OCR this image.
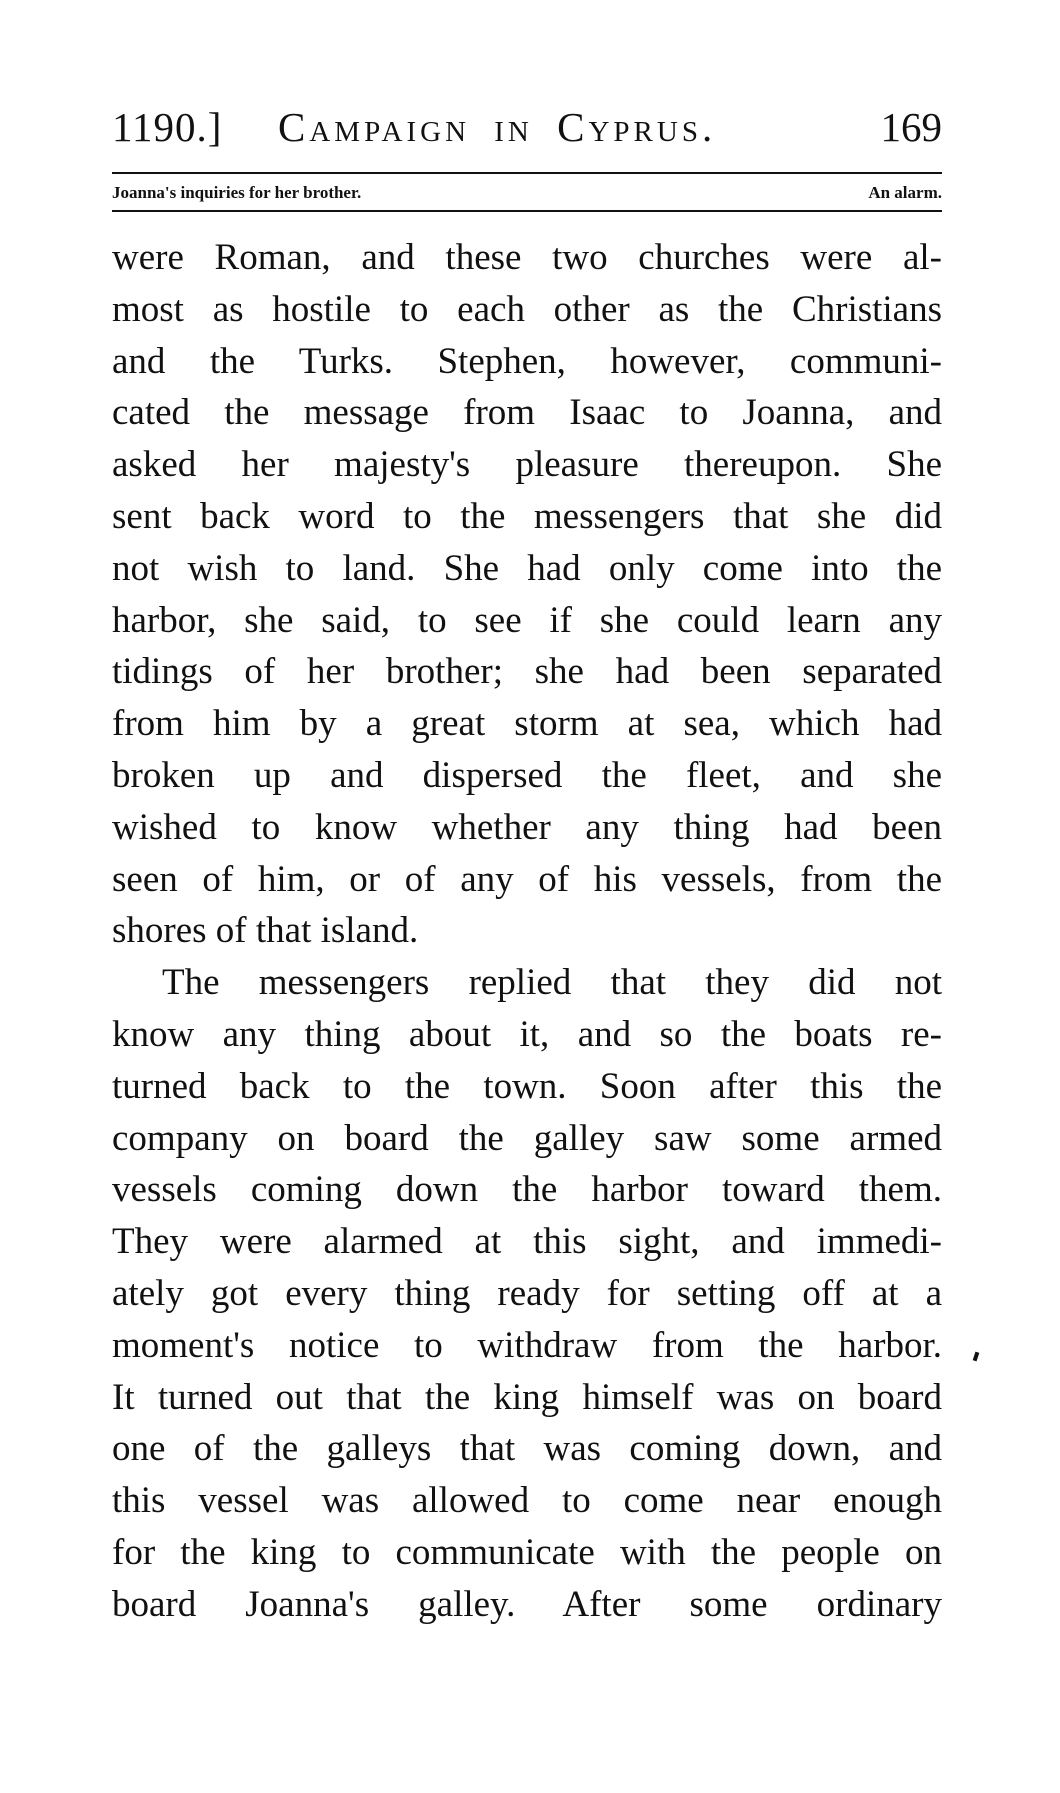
1190.] Campaign in Cyprus.	169
Joanna's inquiries for her brother.	An alarm.
were Roman, and these two churches were al-
most as hostile to each other as the Christians
and the Turks. Stephen, however, communi-
cated the message from Isaac to Joanna, and
asked her majesty's pleasure thereupon. She
sent back word to the messengers that she did
not wish to land. She had only come into the
harbor, she said, to see if she could learn any
tidings of her brother; she had been separated
from him by a great storm at sea, which had
broken up and dispersed the fleet, and she
wished to know whether any thing had been
seen of him, or of any of his vessels, from the
shores of that island.
The messengers replied that they did not
know any thing about it, and so the boats re-
turned back to the town. Soon after this the
company on board the galley saw some armed
vessels coming down the harbor toward them.
They were alarmed at this sight, and immedi-
ately got every thing ready for setting off at a
moment's notice to withdraw from the harbor.
It turned out that the king himself was on board
one of the galleys that was coming down, and
this vessel was allowed to come near enough
for the king to communicate with the people on
board Joanna's galley. After some ordinary
